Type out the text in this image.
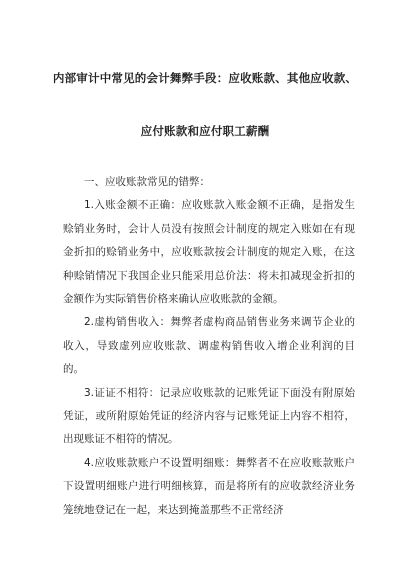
内部审计中常见的会计舞弊手段：应收账款、其他应收款、
应付账款和应付职工薪酬

一、应收账款常见的错弊：

1.入账金额不正确：应收账款入账金额不正确，是指发生赊销业务时，会计人员没有按照会计制度的规定入账如在有现金折扣的赊销业务中，应收账款按会计制度的规定入账，在这种赊销情况下我国企业只能采用总价法：将未扣减现金折扣的金额作为实际销售价格来确认应收账款的金额。

2.虚构销售收入：舞弊者虚构商品销售业务来调节企业的收入，导致虚列应收账款、调虚构销售收入增企业利润的目的。

3.证证不相符：记录应收账款的记账凭证下面没有附原始凭证，或所附原始凭证的经济内容与记账凭证上内容不相符，出现账证不相符的情况。

4.应收账款账户不设置明细账：舞弊者不在应收账款账户下设置明细账户进行明细核算，而是将所有的应收款经济业务笼统地登记在一起，来达到掩盖那些不正常经济
